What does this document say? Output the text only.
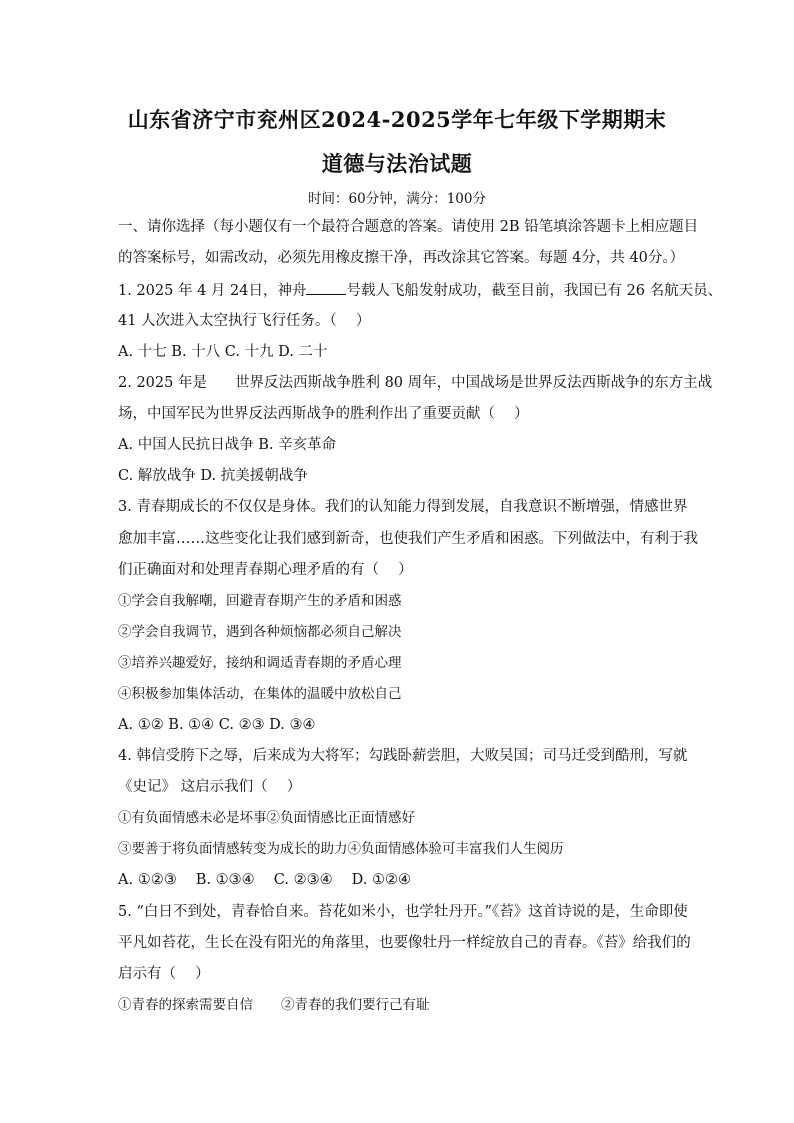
山东省济宁市兖州区2024-2025学年七年级下学期期末
道德与法治试题
时间：60分钟，满分：100分
一、请你选择（每小题仅有一个最符合题意的答案。请使用 2B 铅笔填涂答题卡上相应题目
的答案标号，如需改动，必须先用橡皮擦干净，再改涂其它答案。每题 4分，共 40分。）
1. 2025 年 4 月 24日，神舟	号载人飞船发射成功，截至目前，我国已有 26 名航天员、
41 人次进入太空执行飞行任务。（　 ）
A. 十七 B. 十八 C. 十九 D. 二十
2. 2025 年是 世界反法西斯战争胜利 80 周年，中国战场是世界反法西斯战争的东方主战
场，中国军民为世界反法西斯战争的胜利作出了重要贡献（　 ）
A. 中国人民抗日战争 B. 辛亥革命
C. 解放战争 D. 抗美援朝战争
3. 青春期成长的不仅仅是身体。我们的认知能力得到发展，自我意识不断增强，情感世界
愈加丰富……这些变化让我们感到新奇，也使我们产生矛盾和困惑。下列做法中，有利于我
们正确面对和处理青春期心理矛盾的有（　 ）
①学会自我解嘲，回避青春期产生的矛盾和困惑
②学会自我调节，遇到各种烦恼都必须自己解决
③培养兴趣爱好，接纳和调适青春期的矛盾心理
④积极参加集体活动，在集体的温暖中放松自己
A. ①② B. ①④ C. ②③ D. ③④
4. 韩信受胯下之辱，后来成为大将军；勾践卧薪尝胆，大败吴国；司马迁受到酷刑，写就
《史记》 这启示我们（　 ）
①有负面情感未必是坏事②负面情感比正面情感好
③要善于将负面情感转变为成长的助力④负面情感体验可丰富我们人生阅历
A. ①②③　 B. ①③④　 C. ②③④　 D. ①②④
5. “白日不到处，青春恰自来。苔花如米小，也学牡丹开。”《苔》这首诗说的是，生命即使
平凡如苔花，生长在没有阳光的角落里，也要像牡丹一样绽放自己的青春。《苔》给我们的
启示有（　 ）
①青春的探索需要自信 ②青春的我们要行己有耻
